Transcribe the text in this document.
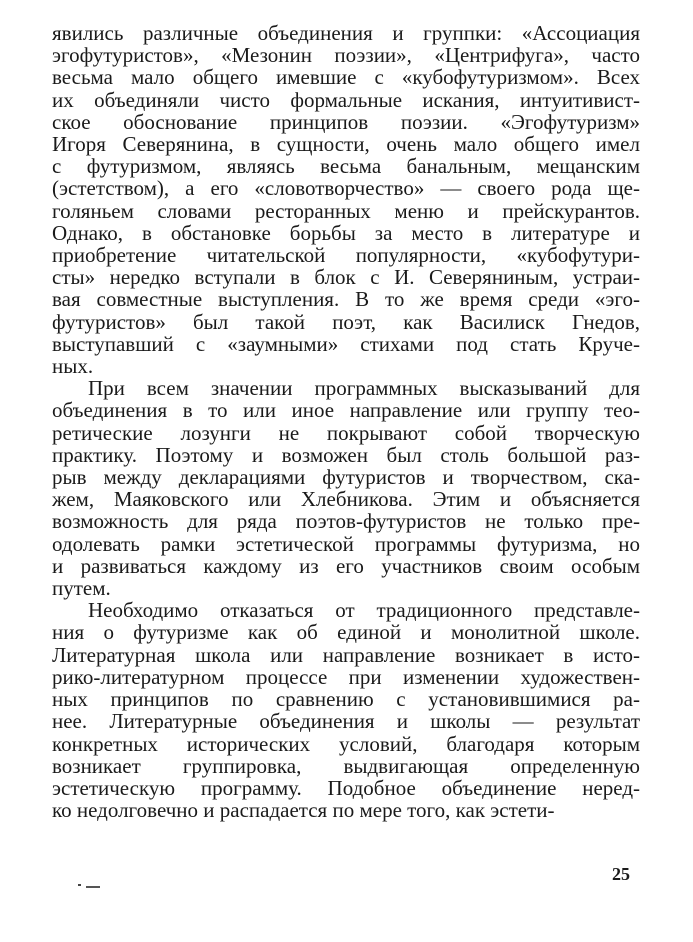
явились различные объединения и группки: «Ассоциация
эгофутуристов», «Мезонин поэзии», «Центрифуга», часто
весьма мало общего имевшие с «кубофутуризмом». Всех
их объединяли чисто формальные искания, интуитивист-
ское обоснование принципов поэзии. «Эгофутуризм»
Игоря Северянина, в сущности, очень мало общего имел
с футуризмом, являясь весьма банальным, мещанским
(эстетством), а его «словотворчество» — своего рода ще-
голяньем словами ресторанных меню и прейскурантов.
Однако, в обстановке борьбы за место в литературе и
приобретение читательской популярности, «кубофутури-
сты» нередко вступали в блок с И. Северяниным, устраи-
вая совместные выступления. В то же время среди «эго-
футуристов» был такой поэт, как Василиск Гнедов,
выступавший с «заумными» стихами под стать Круче-
ных.
При всем значении программных высказываний для
объединения в то или иное направление или группу тео-
ретические лозунги не покрывают собой творческую
практику. Поэтому и возможен был столь большой раз-
рыв между декларациями футуристов и творчеством, ска-
жем, Маяковского или Хлебникова. Этим и объясняется
возможность для ряда поэтов-футуристов не только пре-
одолевать рамки эстетической программы футуризма, но
и развиваться каждому из его участников своим особым
путем.
Необходимо отказаться от традиционного представле-
ния о футуризме как об единой и монолитной школе.
Литературная школа или направление возникает в исто-
рико-литературном процессе при изменении художествен-
ных принципов по сравнению с установившимися ра-
нее. Литературные объединения и школы — результат
конкретных исторических условий, благодаря которым
возникает группировка, выдвигающая определенную
эстетическую программу. Подобное объединение неред-
ко недолговечно и распадается по мере того, как эстети-
25
